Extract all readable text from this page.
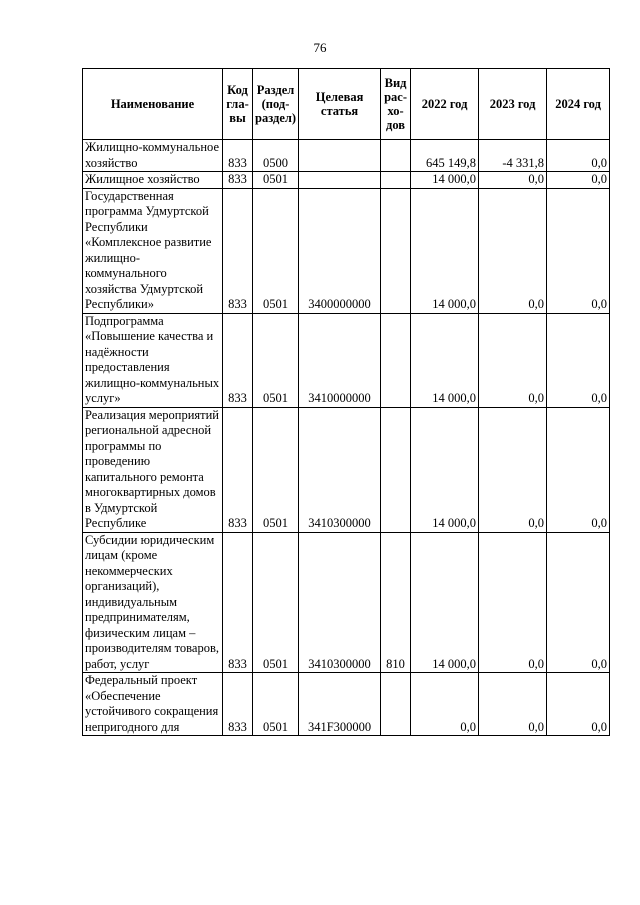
76
Наименование	Код гла-вы	Раздел (под-раздел)	Целевая статья	Вид рас-хо-дов	2022 год	2023 год	2024 год
Жилищно-коммунальное хозяйство	833	0500			645 149,8	-4 331,8	0,0
Жилищное хозяйство	833	0501			14 000,0	0,0	0,0
Государственная программа Удмуртской Республики «Комплексное развитие жилищно-коммунального хозяйства Удмуртской Республики»	833	0501	3400000000		14 000,0	0,0	0,0
Подпрограмма «Повышение качества и надёжности предоставления жилищно-коммунальных услуг»	833	0501	3410000000		14 000,0	0,0	0,0
Реализация мероприятий региональной адресной программы по проведению капитального ремонта многоквартирных домов в Удмуртской Республике	833	0501	3410300000		14 000,0	0,0	0,0
Субсидии юридическим лицам (кроме некоммерческих организаций), индивидуальным предпринимателям, физическим лицам – производителям товаров, работ, услуг	833	0501	3410300000	810	14 000,0	0,0	0,0
Федеральный проект «Обеспечение устойчивого сокращения непригодного для	833	0501	341F300000		0,0	0,0	0,0
